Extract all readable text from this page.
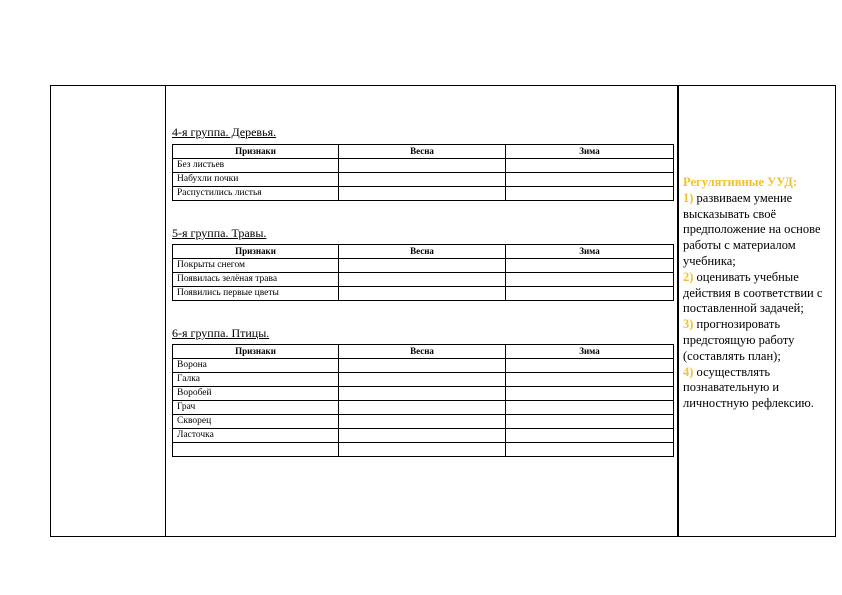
4-я группа. Деревья.
Признаки	Весна	Зима
Без листьев		
Набухли почки		
Распустились листья		
5-я группа. Травы.
Признаки	Весна	Зима
Покрыты снегом		
Появилась зелёная трава		
Появились первые цветы		
6-я группа. Птицы.
Признаки	Весна	Зима
Ворона		
Галка		
Воробей		
Грач		
Скворец		
Ласточка		

Регулятивные УУД:

1) развиваем умение высказывать своё предположение на основе работы с материалом учебника;

2) оценивать учебные действия в соответствии с поставленной задачей;

3) прогнозировать предстоящую работу (составлять план);

4) осуществлять познавательную и личностную рефлексию.
